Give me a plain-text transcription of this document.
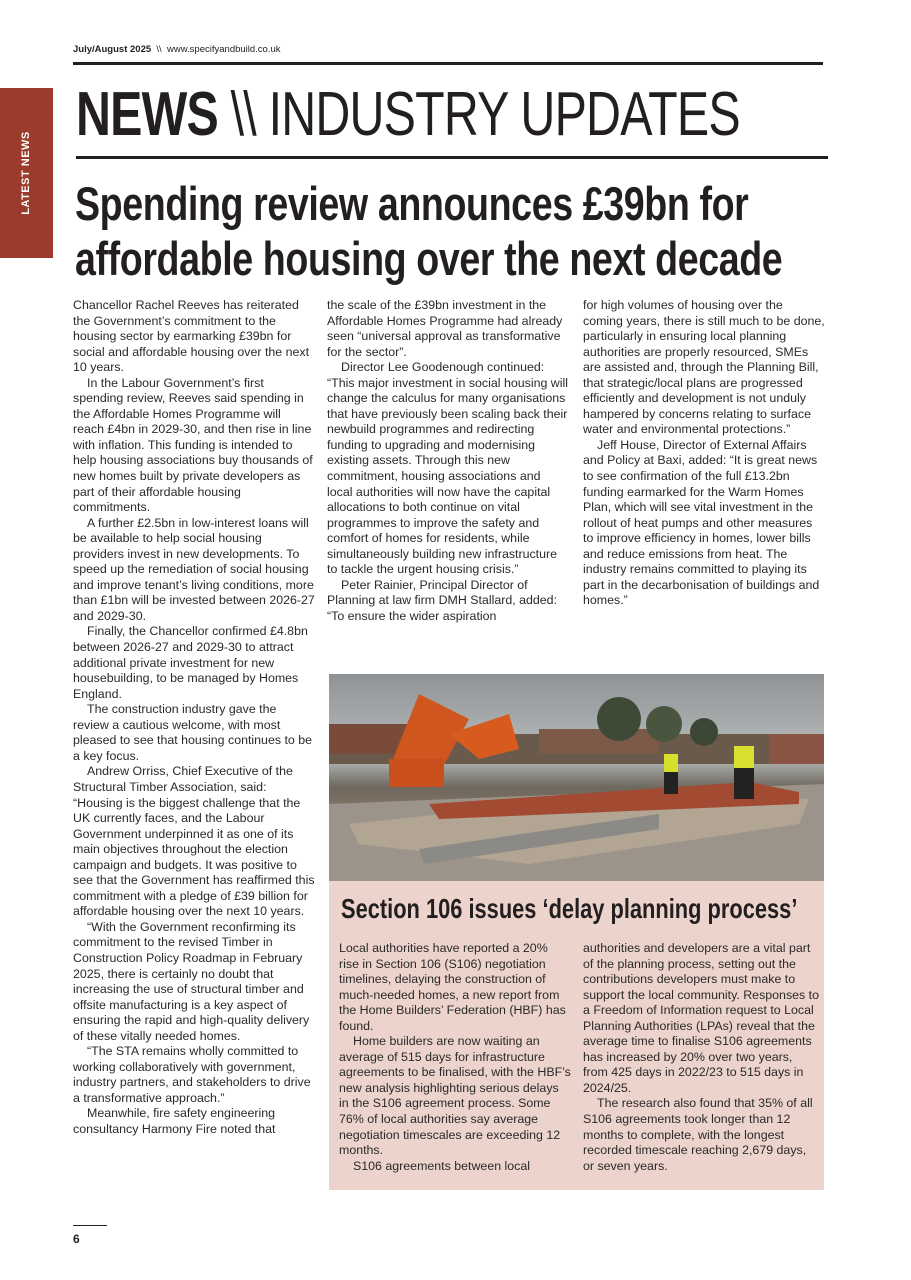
July/August 2025 \\ www.specifyandbuild.co.uk
LATEST NEWS
NEWS \\ INDUSTRY UPDATES
Spending review announces £39bn for
affordable housing over the next decade

Chancellor Rachel Reeves has reiterated the Government’s commitment to the housing sector by earmarking £39bn for social and affordable housing over the next 10 years.

In the Labour Government’s first spending review, Reeves said spending in the Affordable Homes Programme will reach £4bn in 2029-30, and then rise in line with inflation. This funding is intended to help housing associations buy thousands of new homes built by private developers as part of their affordable housing commitments.

A further £2.5bn in low-interest loans will be available to help social housing providers invest in new developments. To speed up the remediation of social housing and improve tenant’s living conditions, more than £1bn will be invested between 2026-27 and 2029-30.

Finally, the Chancellor confirmed £4.8bn between 2026-27 and 2029-30 to attract additional private investment for new housebuilding, to be managed by Homes England.

The construction industry gave the review a cautious welcome, with most pleased to see that housing continues to be a key focus.

Andrew Orriss, Chief Executive of the Structural Timber Association, said: “Housing is the biggest challenge that the UK currently faces, and the Labour Government underpinned it as one of its main objectives throughout the election campaign and budgets. It was positive to see that the Government has reaffirmed this commitment with a pledge of £39 billion for affordable housing over the next 10 years.

“With the Government reconfirming its commitment to the revised Timber in Construction Policy Roadmap in February 2025, there is certainly no doubt that increasing the use of structural timber and offsite manufacturing is a key aspect of ensuring the rapid and high-quality delivery of these vitally needed homes.

“The STA remains wholly committed to working collaboratively with government, industry partners, and stakeholders to drive a transformative approach.”

Meanwhile, fire safety engineering consultancy Harmony Fire noted that

the scale of the £39bn investment in the Affordable Homes Programme had already seen “universal approval as transformative for the sector”.

Director Lee Goodenough continued: “This major investment in social housing will change the calculus for many organisations that have previously been scaling back their newbuild programmes and redirecting funding to upgrading and modernising existing assets. Through this new commitment, housing associations and local authorities will now have the capital allocations to both continue on vital programmes to improve the safety and comfort of homes for residents, while simultaneously building new infrastructure to tackle the urgent housing crisis.”

Peter Rainier, Principal Director of Planning at law firm DMH Stallard, added: “To ensure the wider aspiration

for high volumes of housing over the coming years, there is still much to be done, particularly in ensuring local planning authorities are properly resourced, SMEs are assisted and, through the Planning Bill, that strategic/local plans are progressed efficiently and development is not unduly hampered by concerns relating to surface water and environmental protections.”

Jeff House, Director of External Affairs and Policy at Baxi, added: “It is great news to see confirmation of the full £13.2bn funding earmarked for the Warm Homes Plan, which will see vital investment in the rollout of heat pumps and other measures to improve efficiency in homes, lower bills and reduce emissions from heat. The industry remains committed to playing its part in the decarbonisation of buildings and homes.”

Section 106 issues ‘delay planning process’

Local authorities have reported a 20% rise in Section 106 (S106) negotiation timelines, delaying the construction of much-needed homes, a new report from the Home Builders’ Federation (HBF) has found.

Home builders are now waiting an average of 515 days for infrastructure agreements to be finalised, with the HBF’s new analysis highlighting serious delays in the S106 agreement process. Some 76% of local authorities say average negotiation timescales are exceeding 12 months.

S106 agreements between local

authorities and developers are a vital part of the planning process, setting out the contributions developers must make to support the local community. Responses to a Freedom of Information request to Local Planning Authorities (LPAs) reveal that the average time to finalise S106 agreements has increased by 20% over two years, from 425 days in 2022/23 to 515 days in 2024/25.

The research also found that 35% of all S106 agreements took longer than 12 months to complete, with the longest recorded timescale reaching 2,679 days, or seven years.

6
